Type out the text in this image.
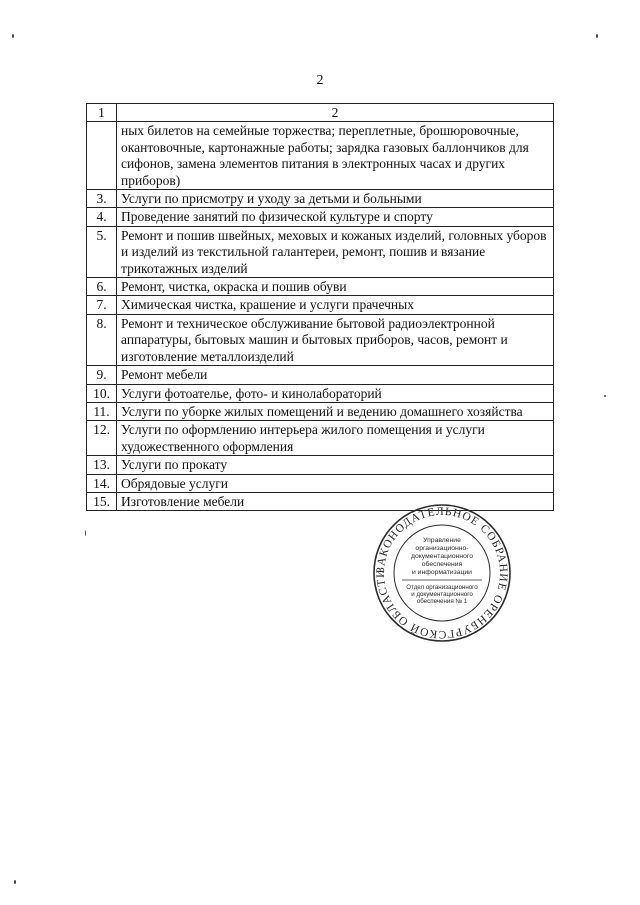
2
1	2
	ных билетов на семейные торжества; переплетные, брошюровочные, окантовочные, картонажные работы; зарядка газовых баллончиков для сифонов, замена элементов питания в электронных часах и других приборов)
3.	Услуги по присмотру и уходу за детьми и больными
4.	Проведение занятий по физической культуре и спорту
5.	Ремонт и пошив швейных, меховых и кожаных изделий, головных уборов и изделий из текстильной галантереи, ремонт, пошив и вязание трикотажных изделий
6.	Ремонт, чистка, окраска и пошив обуви
7.	Химическая чистка, крашение и услуги прачечных
8.	Ремонт и техническое обслуживание бытовой радиоэлектронной аппаратуры, бытовых машин и бытовых приборов, часов, ремонт и изготовление металлоизделий
9.	Ремонт мебели
10.	Услуги фотоателье, фото- и кинолабораторий
11.	Услуги по уборке жилых помещений и ведению домашнего хозяйства
12.	Услуги по оформлению интерьера жилого помещения и услуги художественного оформления
13.	Услуги по прокату
14.	Обрядовые услуги
15.	Изготовление мебели
ЗАКОНОДАТЕЛЬНОЕ СОБРАНИЕ ОРЕНБУРГСКОЙ ОБЛАСТИ
Управление
организационно-
документационного
обеспечения
и информатизации
Отдел организационного
и документационного
обеспечения № 1
